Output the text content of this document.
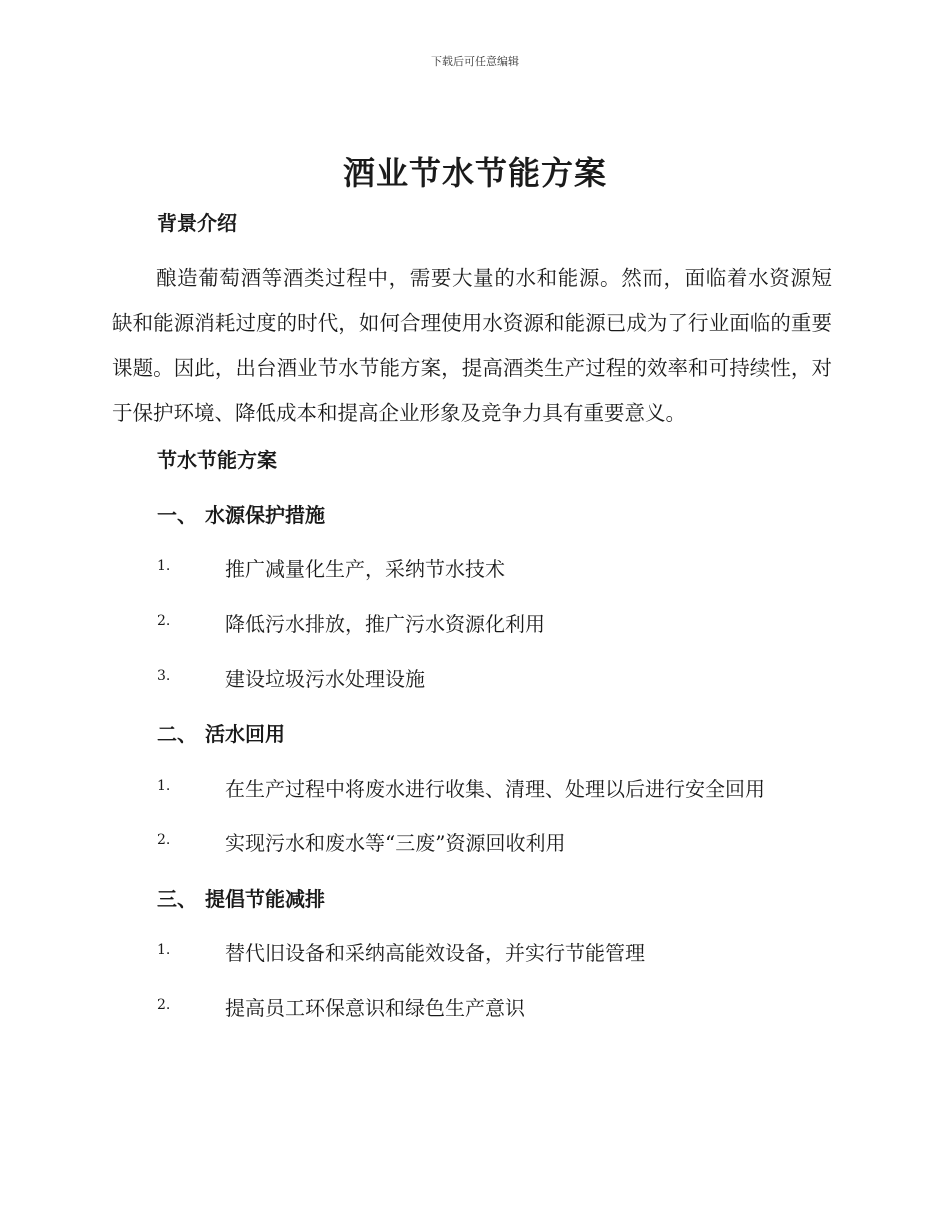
下载后可任意编辑
酒业节水节能方案
背景介绍
酿造葡萄酒等酒类过程中，需要大量的水和能源。然而，面临着水资源短缺和能源消耗过度的时代，如何合理使用水资源和能源已成为了行业面临的重要课题。因此，出台酒业节水节能方案，提高酒类生产过程的效率和可持续性，对于保护环境、降低成本和提高企业形象及竞争力具有重要意义。
节水节能方案
一、 水源保护措施
1.	推广减量化生产，采纳节水技术
2.	降低污水排放，推广污水资源化利用
3.	建设垃圾污水处理设施
二、 活水回用
1.	在生产过程中将废水进行收集、清理、处理以后进行安全回用
2.	实现污水和废水等“三废”资源回收利用
三、 提倡节能减排
1.	替代旧设备和采纳高能效设备，并实行节能管理
2.	提高员工环保意识和绿色生产意识
